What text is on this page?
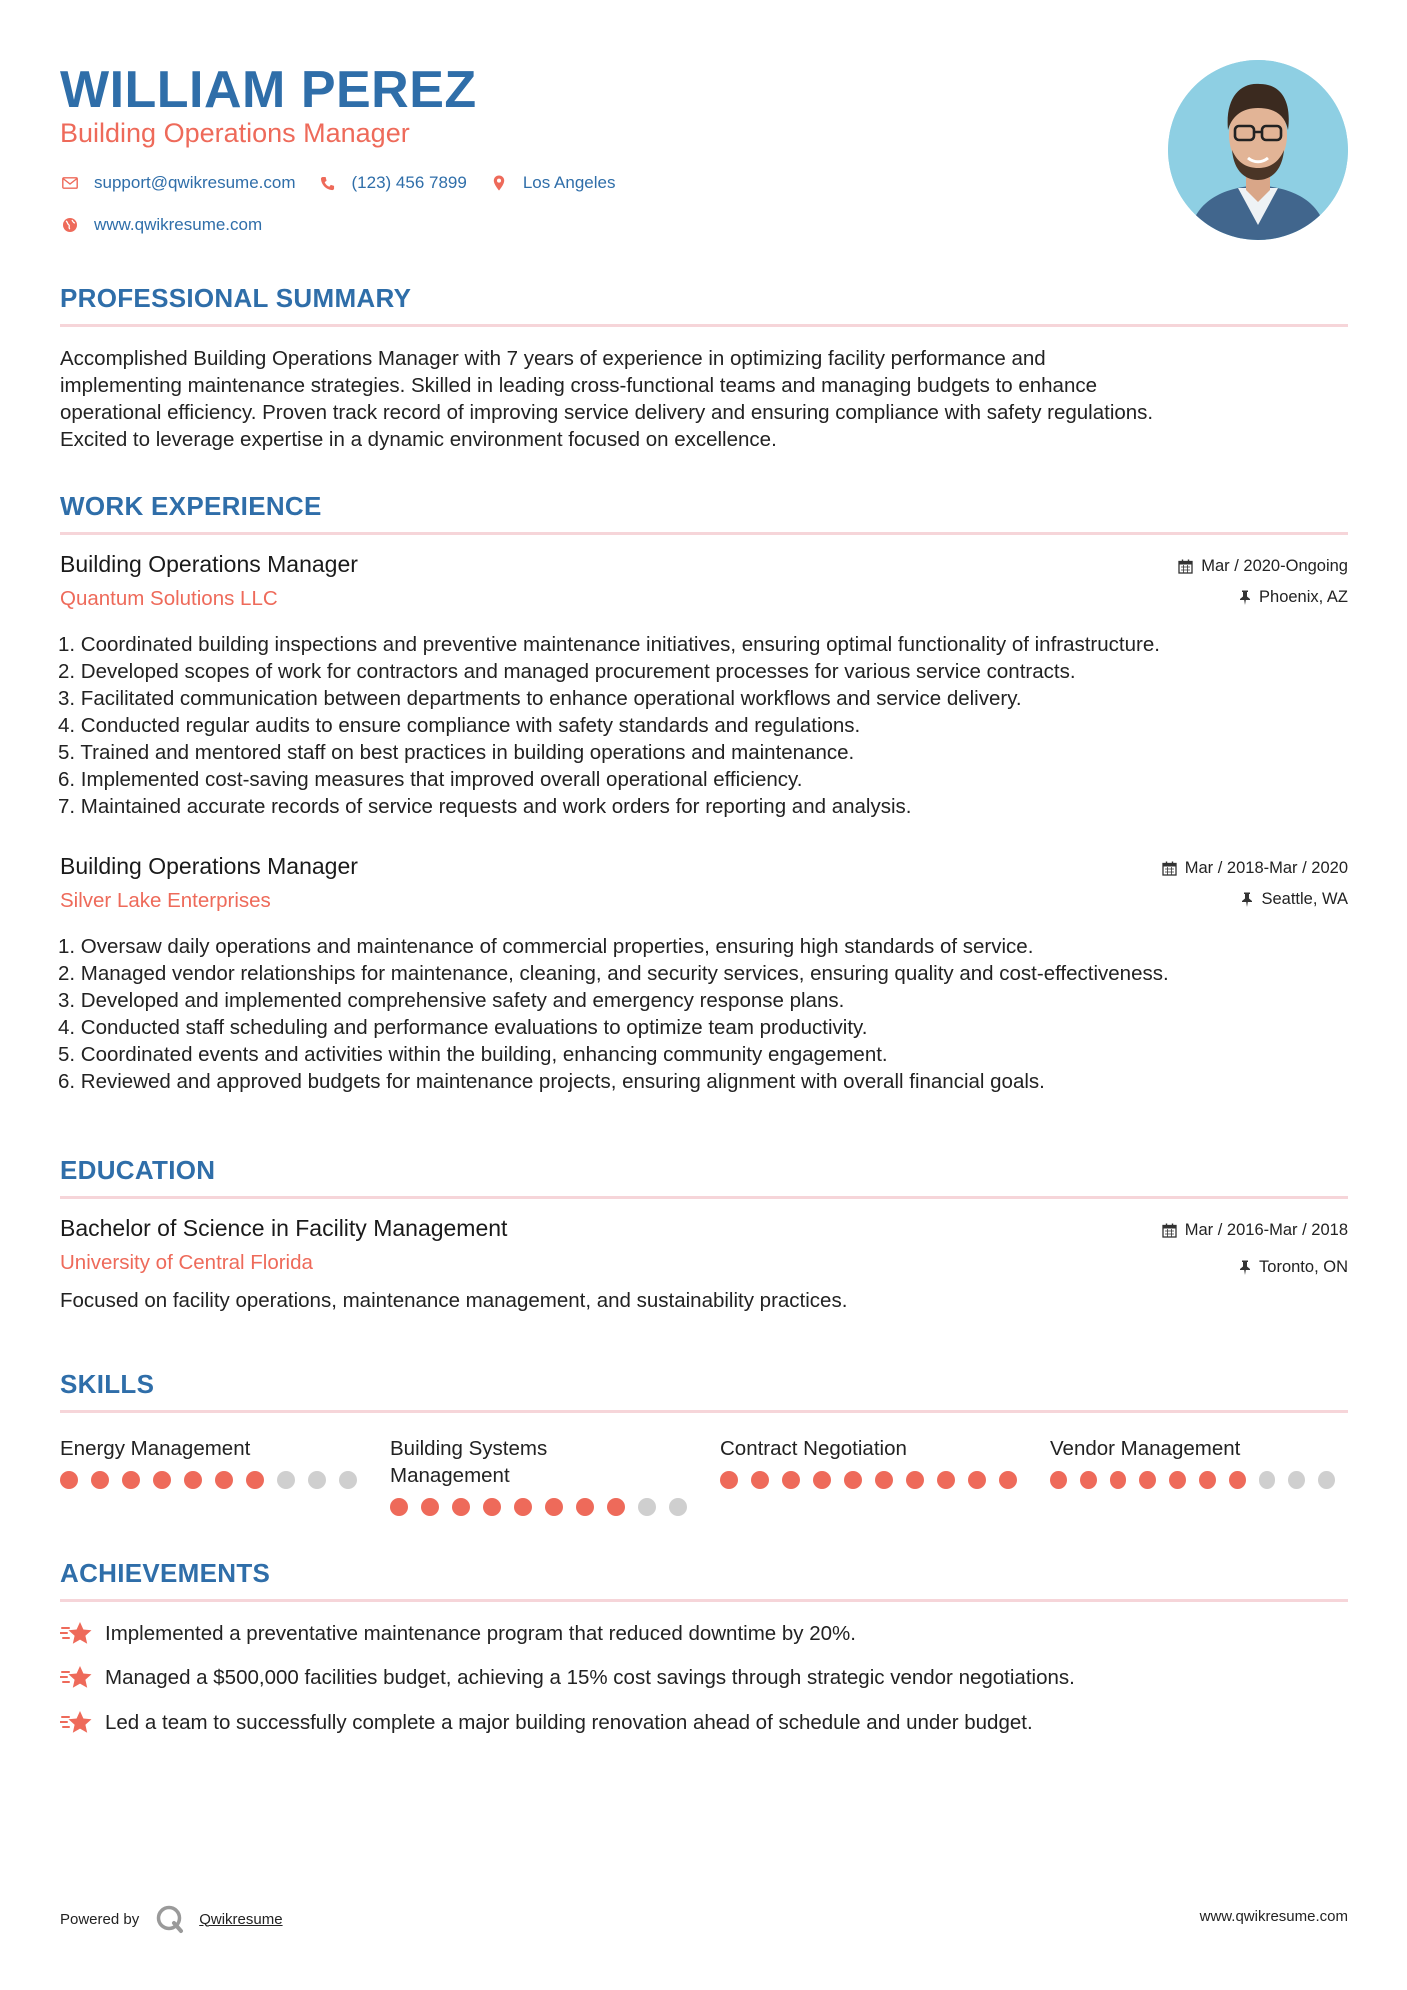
WILLIAM PEREZ
Building Operations Manager
support@qwikresume.com	(123) 456 7899	Los Angeles
www.qwikresume.com
PROFESSIONAL SUMMARY
Accomplished Building Operations Manager with 7 years of experience in optimizing facility performance and
implementing maintenance strategies. Skilled in leading cross-functional teams and managing budgets to enhance
operational efficiency. Proven track record of improving service delivery and ensuring compliance with safety regulations.
Excited to leverage expertise in a dynamic environment focused on excellence.
WORK EXPERIENCE
Building Operations Manager
Quantum Solutions LLC
Mar / 2020-Ongoing
Phoenix, AZ
1. Coordinated building inspections and preventive maintenance initiatives, ensuring optimal functionality of infrastructure.
2. Developed scopes of work for contractors and managed procurement processes for various service contracts.
3. Facilitated communication between departments to enhance operational workflows and service delivery.
4. Conducted regular audits to ensure compliance with safety standards and regulations.
5. Trained and mentored staff on best practices in building operations and maintenance.
6. Implemented cost-saving measures that improved overall operational efficiency.
7. Maintained accurate records of service requests and work orders for reporting and analysis.
Building Operations Manager
Silver Lake Enterprises
Mar / 2018-Mar / 2020
Seattle, WA
1. Oversaw daily operations and maintenance of commercial properties, ensuring high standards of service.
2. Managed vendor relationships for maintenance, cleaning, and security services, ensuring quality and cost-effectiveness.
3. Developed and implemented comprehensive safety and emergency response plans.
4. Conducted staff scheduling and performance evaluations to optimize team productivity.
5. Coordinated events and activities within the building, enhancing community engagement.
6. Reviewed and approved budgets for maintenance projects, ensuring alignment with overall financial goals.
EDUCATION
Bachelor of Science in Facility Management
University of Central Florida
Mar / 2016-Mar / 2018
Toronto, ON
Focused on facility operations, maintenance management, and sustainability practices.
SKILLS
Energy Management	Building Systems Management
Contract Negotiation	Vendor Management
ACHIEVEMENTS
Implemented a preventative maintenance program that reduced downtime by 20%.
Managed a $500,000 facilities budget, achieving a 15% cost savings through strategic vendor negotiations.
Led a team to successfully complete a major building renovation ahead of schedule and under budget.
Powered by	Qwikresume	www.qwikresume.com
